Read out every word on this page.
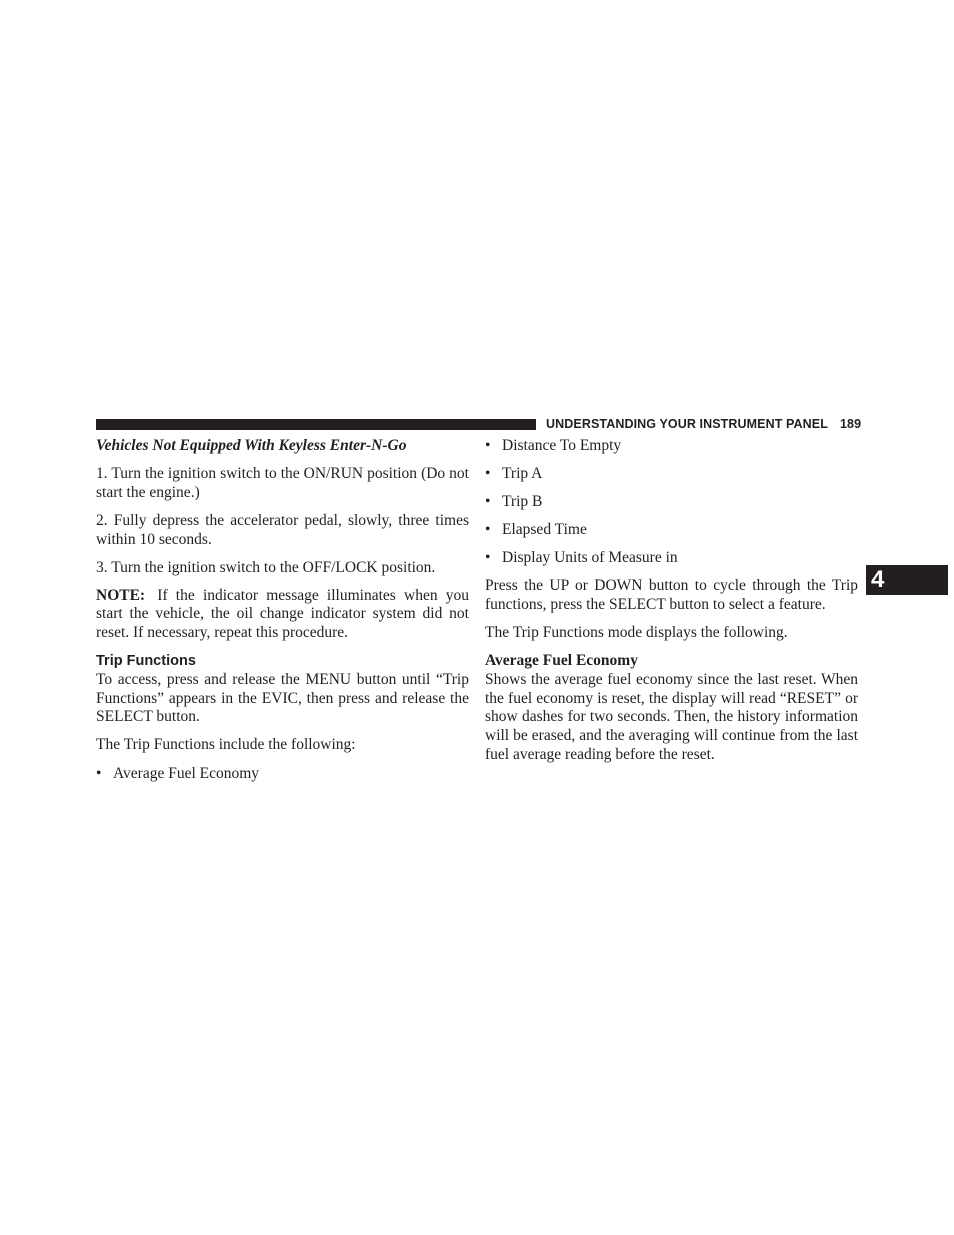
UNDERSTANDING YOUR INSTRUMENT PANEL 189
4

Vehicles Not Equipped With Keyless Enter-N-Go

1. Turn the ignition switch to the ON/RUN position (Do not start the engine.)

2. Fully depress the accelerator pedal, slowly, three times within 10 seconds.

3. Turn the ignition switch to the OFF/LOCK position.

NOTE: If the indicator message illuminates when you start the vehicle, the oil change indicator system did not reset. If necessary, repeat this procedure.

Trip Functions

To access, press and release the MENU button until “Trip Functions” appears in the EVIC, then press and release the SELECT button.

The Trip Functions include the following:

• Average Fuel Economy
• Distance To Empty
• Trip A
• Trip B
• Elapsed Time
• Display Units of Measure in

Press the UP or DOWN button to cycle through the Trip functions, press the SELECT button to select a feature.

The Trip Functions mode displays the following.

Average Fuel Economy

Shows the average fuel economy since the last reset. When the fuel economy is reset, the display will read “RESET” or show dashes for two seconds. Then, the history information will be erased, and the averaging will continue from the last fuel average reading before the reset.
